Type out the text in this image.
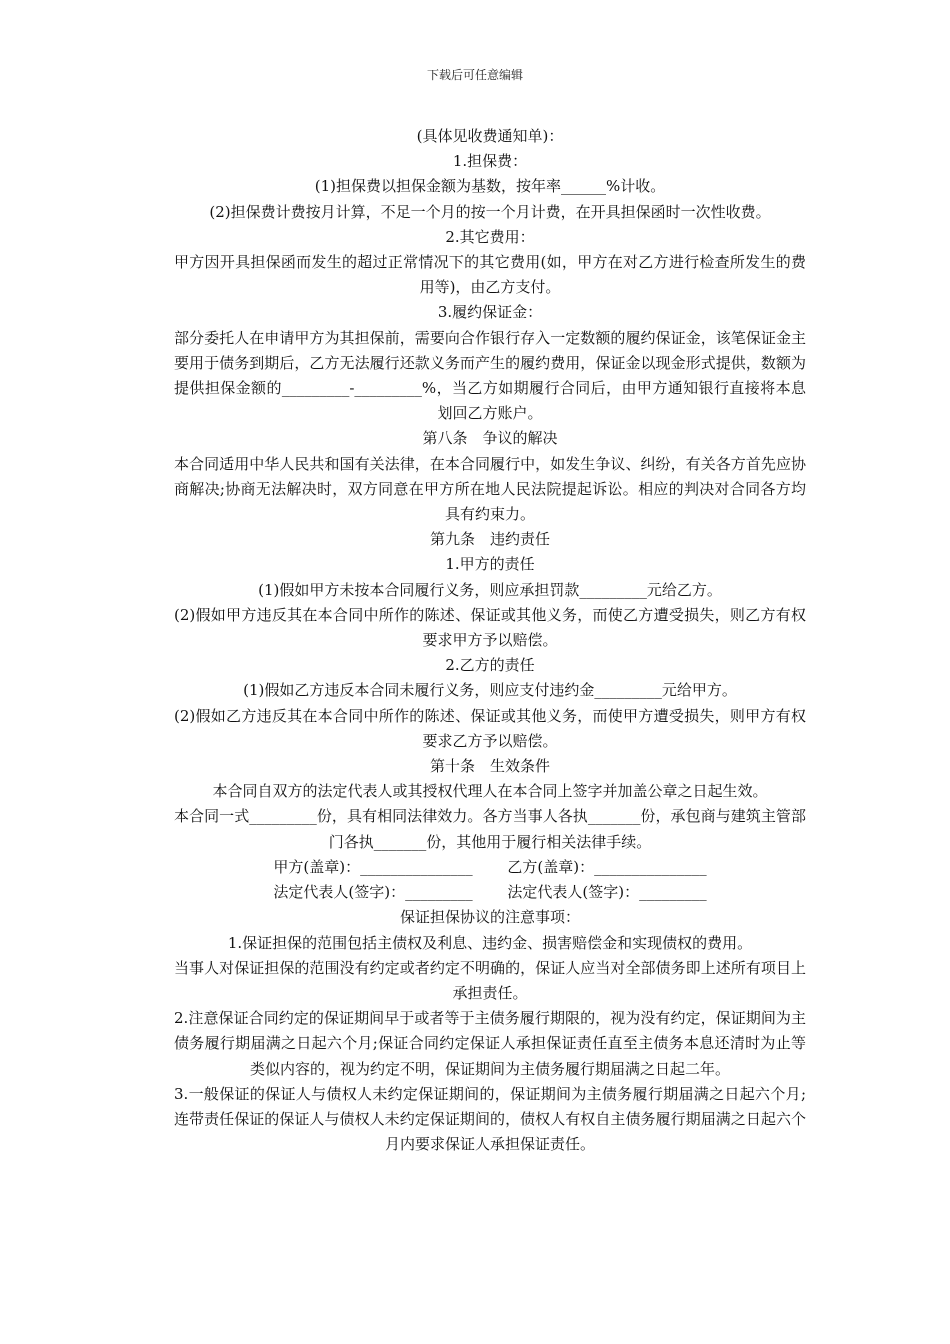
下载后可任意编辑

(具体见收费通知单)：

1.担保费：

(1)担保费以担保金额为基数，按年率______%计收。

(2)担保费计费按月计算，不足一个月的按一个月计费，在开具担保函时一次性收费。

2.其它费用：

甲方因开具担保函而发生的超过正常情况下的其它费用(如，甲方在对乙方进行检查所发生的费用等)，由乙方支付。

3.履约保证金：

部分委托人在申请甲方为其担保前，需要向合作银行存入一定数额的履约保证金，该笔保证金主要用于债务到期后，乙方无法履行还款义务而产生的履约费用，保证金以现金形式提供，数额为提供担保金额的_________-_________%，当乙方如期履行合同后，由甲方通知银行直接将本息划回乙方账户。

第八条　争议的解决

本合同适用中华人民共和国有关法律，在本合同履行中，如发生争议、纠纷，有关各方首先应协商解决;协商无法解决时，双方同意在甲方所在地人民法院提起诉讼。相应的判决对合同各方均具有约束力。

第九条　违约责任

1.甲方的责任

(1)假如甲方未按本合同履行义务，则应承担罚款_________元给乙方。

(2)假如甲方违反其在本合同中所作的陈述、保证或其他义务，而使乙方遭受损失，则乙方有权要求甲方予以赔偿。

2.乙方的责任

(1)假如乙方违反本合同未履行义务，则应支付违约金_________元给甲方。

(2)假如乙方违反其在本合同中所作的陈述、保证或其他义务，而使甲方遭受损失，则甲方有权要求乙方予以赔偿。

第十条　生效条件

本合同自双方的法定代表人或其授权代理人在本合同上签字并加盖公章之日起生效。

本合同一式_________份，具有相同法律效力。各方当事人各执_______份，承包商与建筑主管部门各执_______份，其他用于履行相关法律手续。

甲方(盖章)：_______________　　 乙方(盖章)：_______________

法定代表人(签字)：_________　　 法定代表人(签字)：_________

保证担保协议的注意事项：

1.保证担保的范围包括主债权及利息、违约金、损害赔偿金和实现债权的费用。

当事人对保证担保的范围没有约定或者约定不明确的，保证人应当对全部债务即上述所有项目上承担责任。

2.注意保证合同约定的保证期间早于或者等于主债务履行期限的，视为没有约定，保证期间为主债务履行期届满之日起六个月;保证合同约定保证人承担保证责任直至主债务本息还清时为止等类似内容的，视为约定不明，保证期间为主债务履行期届满之日起二年。

3.一般保证的保证人与债权人未约定保证期间的，保证期间为主债务履行期届满之日起六个月;连带责任保证的保证人与债权人未约定保证期间的，债权人有权自主债务履行期届满之日起六个月内要求保证人承担保证责任。
